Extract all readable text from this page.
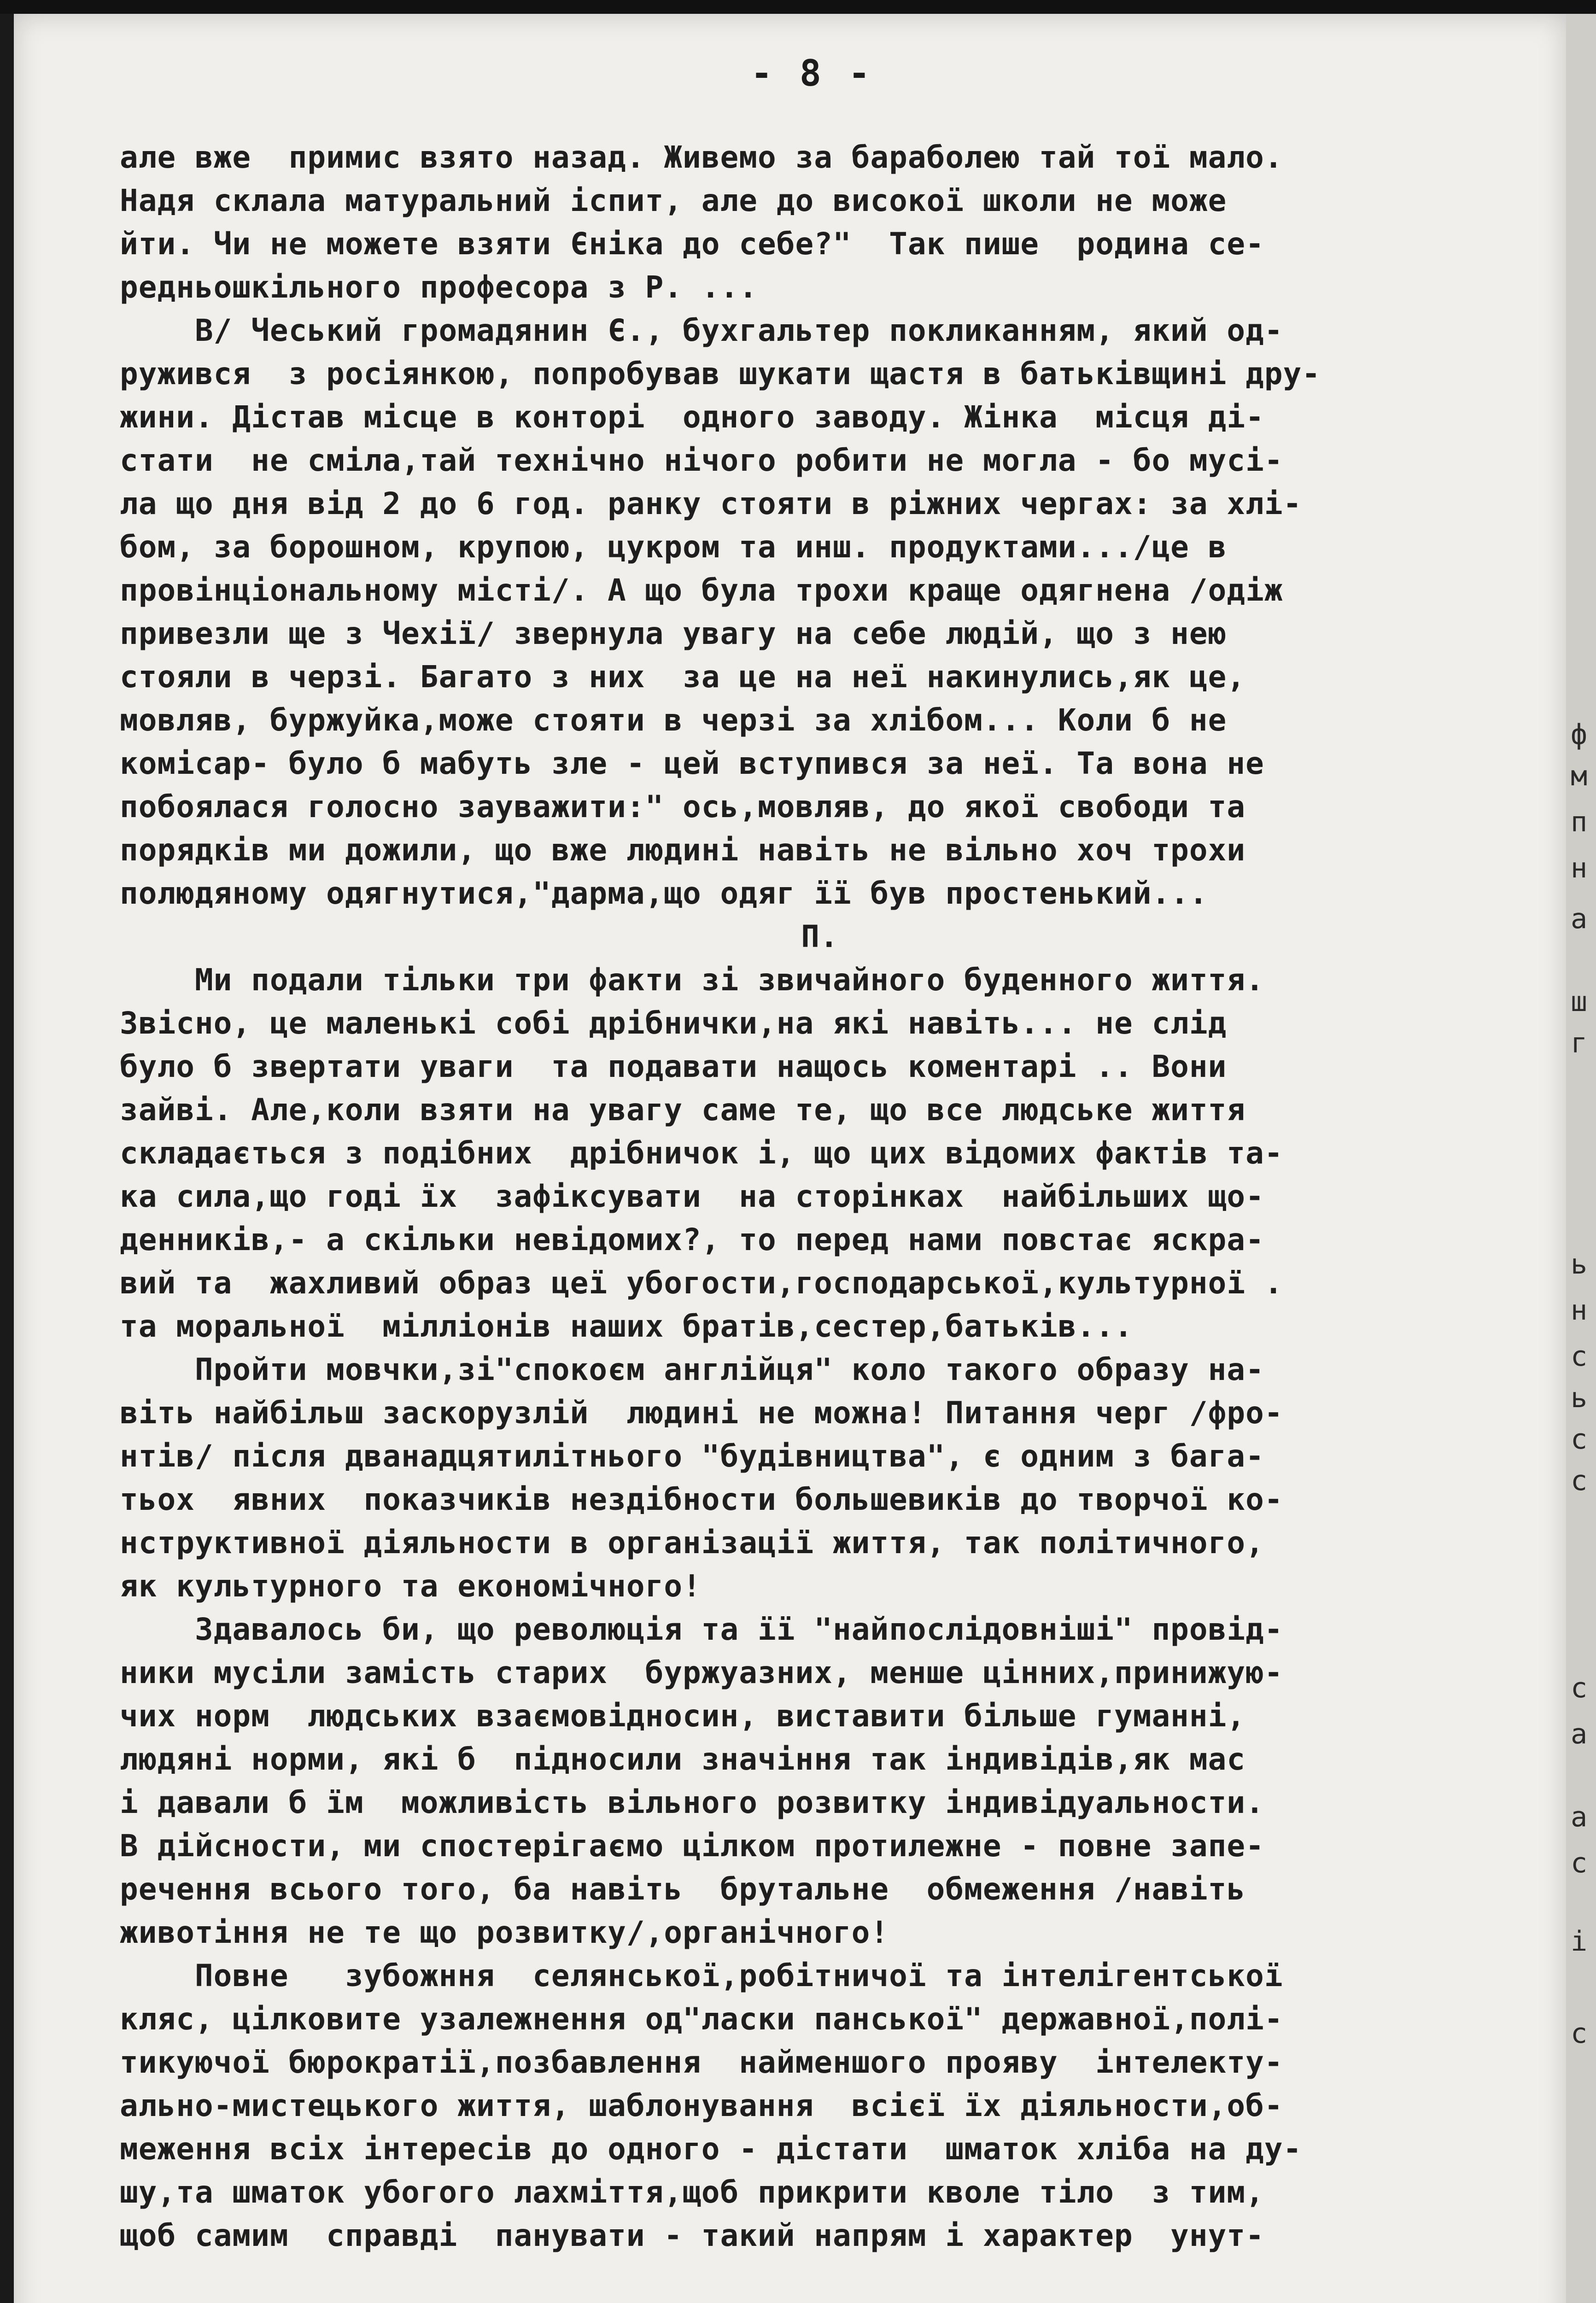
- 8 -
але вже  примис взято назад. Живемо за бараболею тай тої мало.
Надя склала матуральний іспит, але до високої школи не може
йти. Чи не можете взяти Єніка до себе?"  Так пише  родина се-
редньошкільного професора з Р. ...
В/ Чеський громадянин Є., бухгальтер покликанням, який од-
ружився  з росіянкою, попробував шукати щастя в батьківщині дру-
жини. Дістав місце в конторі  одного заводу. Жінка  місця ді-
стати  не сміла,тай технічно нічого робити не могла - бо мусі-
ла що дня від 2 до 6 год. ранку стояти в ріжних чергах: за хлі-
бом, за борошном, крупою, цукром та инш. продуктами.../це в
провінціональному місті/. А що була трохи краще одягнена /одіж
привезли ще з Чехії/ звернула увагу на себе людій, що з нею
стояли в черзі. Багато з них  за це на неї накинулись,як це,
мовляв, буржуйка,може стояти в черзі за хлібом... Коли б не
комісар- було б мабуть зле - цей вступився за неї. Та вона не
побоялася голосно зауважити:" ось,мовляв, до якої свободи та
порядків ми дожили, що вже людині навіть не вільно хоч трохи
полюдяному одягнутися,"дарма,що одяг її був простенький...
П.
Ми подали тільки три факти зі звичайного буденного життя.
Звісно, це маленькі собі дрібнички,на які навіть... не слід
було б звертати уваги  та подавати нащось коментарі .. Вони
зайві. Але,коли взяти на увагу саме те, що все людське життя
складається з подібних  дрібничок і, що цих відомих фактів та-
ка сила,що годі їх  зафіксувати  на сторінках  найбільших що-
денників,- а скільки невідомих?, то перед нами повстає яскра-
вий та  жахливий образ цеї убогости,господарської,культурної .
та моральної  мілліонів наших братів,сестер,батьків...
Пройти мовчки,зі"спокоєм англійця" коло такого образу на-
віть найбільш заскорузлій  людині не можна! Питання черг /фро-
нтів/ після дванадцятилітнього "будівництва", є одним з бага-
тьох  явних  показчиків нездібности большевиків до творчої ко-
нструктивної діяльности в організації життя, так політичного,
як культурного та економічного!
Здавалось би, що революція та її "найпослідовніші" провід-
ники мусіли замість старих  буржуазних, менше цінних,принижую-
чих норм  людських взаємовідносин, виставити більше гуманні,
людяні норми, які б  підносили значіння так індивідів,як мас
і давали б їм  можливість вільного розвитку індивідуальности.
В дійсности, ми спостерігаємо цілком протилежне - повне запе-
речення всього того, ба навіть  брутальне  обмеження /навіть
животіння не те що розвитку/,органічного!
Повне   зубожння  селянської,робітничої та інтелігентської
кляс, цілковите узалежнення од"ласки панської" державної,полі-
тикуючої бюрократії,позбавлення  найменшого прояву  інтелекту-
ально-мистецького життя, шаблонування  всієї їх діяльности,об-
меження всіх інтересів до одного - дістати  шматок хліба на ду-
шу,та шматок убогого лахміття,щоб прикрити кволе тіло  з тим,
щоб самим  справді  панувати - такий напрям і характер  унут-
ф
м
п
н
а
ш
г
ь
н
с
ь
с
с
с
а
а
с
і
с
